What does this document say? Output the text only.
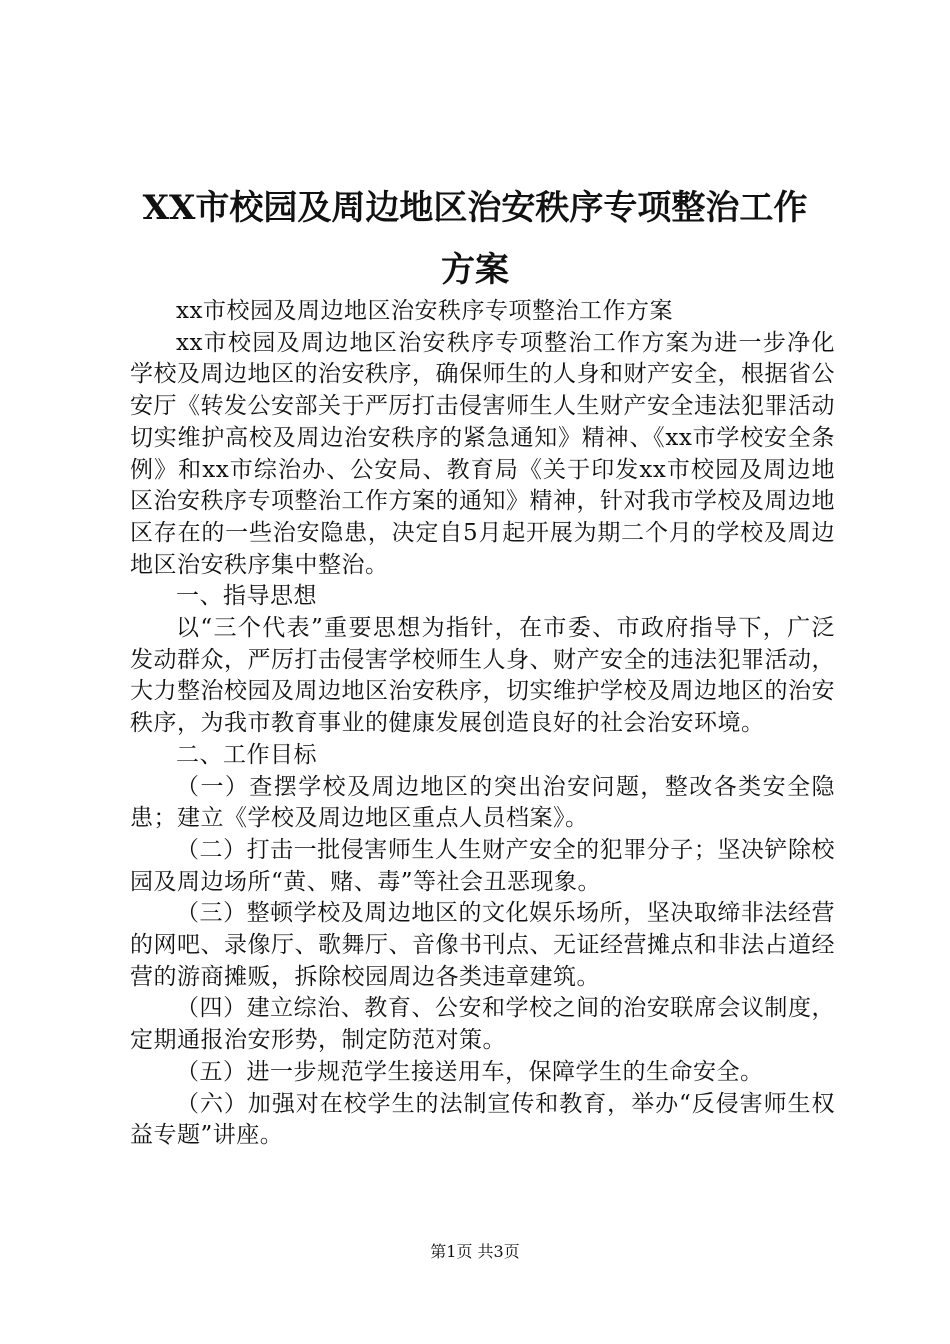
XX市校园及周边地区治安秩序专项整治工作
方案

xx市校园及周边地区治安秩序专项整治工作方案

xx市校园及周边地区治安秩序专项整治工作方案为进一步净化学校及周边地区的治安秩序，确保师生的人身和财产安全，根据省公安厅《转发公安部关于严厉打击侵害师生人生财产安全违法犯罪活动切实维护高校及周边治安秩序的紧急通知》精神、《xx市学校安全条例》和xx市综治办、公安局、教育局《关于印发xx市校园及周边地区治安秩序专项整治工作方案的通知》精神，针对我市学校及周边地区存在的一些治安隐患，决定自5月起开展为期二个月的学校及周边地区治安秩序集中整治。

一、指导思想

以“三个代表”重要思想为指针，在市委、市政府指导下，广泛发动群众，严厉打击侵害学校师生人身、财产安全的违法犯罪活动，大力整治校园及周边地区治安秩序，切实维护学校及周边地区的治安秩序，为我市教育事业的健康发展创造良好的社会治安环境。

二、工作目标

（一）查摆学校及周边地区的突出治安问题，整改各类安全隐患；建立《学校及周边地区重点人员档案》。

（二）打击一批侵害师生人生财产安全的犯罪分子；坚决铲除校园及周边场所“黄、赌、毒”等社会丑恶现象。

（三）整顿学校及周边地区的文化娱乐场所，坚决取缔非法经营的网吧、录像厅、歌舞厅、音像书刊点、无证经营摊点和非法占道经营的游商摊贩，拆除校园周边各类违章建筑。

（四）建立综治、教育、公安和学校之间的治安联席会议制度，定期通报治安形势，制定防范对策。

（五）进一步规范学生接送用车，保障学生的生命安全。

（六）加强对在校学生的法制宣传和教育，举办“反侵害师生权益专题”讲座。

第1页 共3页
